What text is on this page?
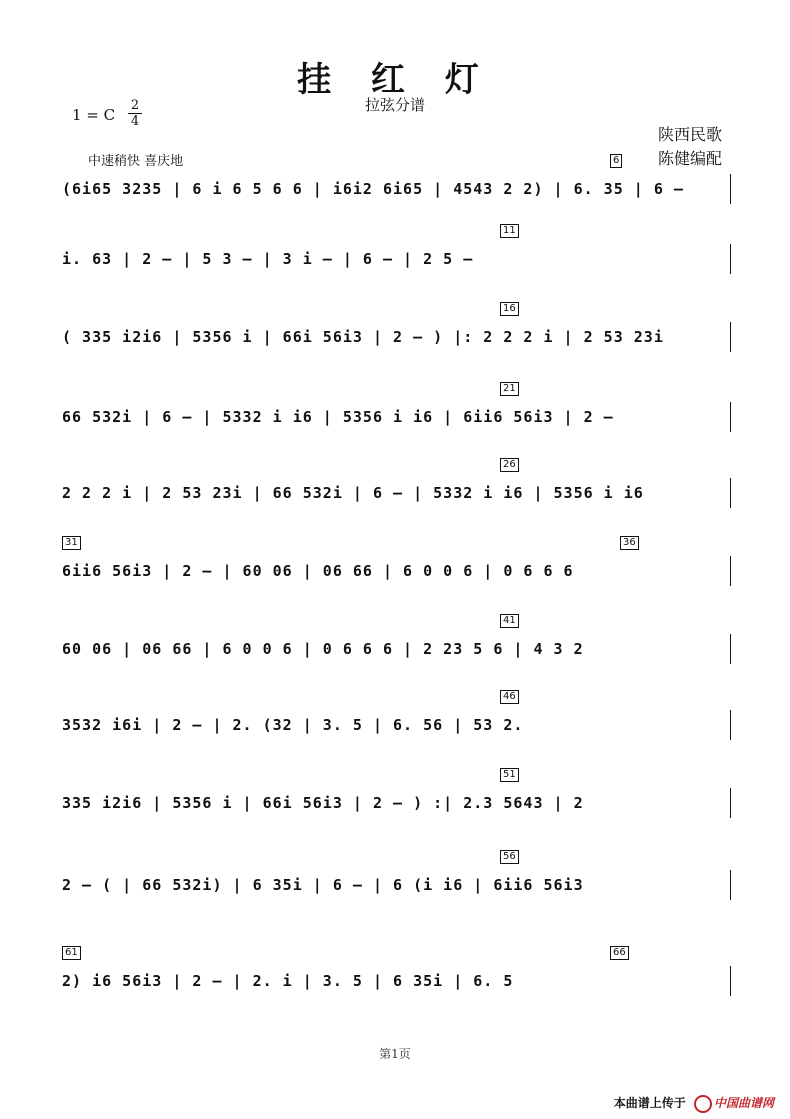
挂 红 灯
拉弦分谱
1 = C
2
4
陕西民歌
陈健编配
中速稍快 喜庆地
(6i65 3235 | 6 i 6 5 6 6 | i6i2 6i65 | 4543 2 2) | 6. 35 | 6 –
6
i. 63 | 2 – | 5 3 – | 3 i – | 6 – | 2 5 –
11
( 335 i2i6 | 5356 i | 66i 56i3 | 2 – ) |: 2 2 2 i | 2 53 23i
16
66 532i | 6 – | 5332 i i6 | 5356 i i6 | 6ii6 56i3 | 2 –
21
2 2 2 i | 2 53 23i | 66 532i | 6 – | 5332 i i6 | 5356 i i6
26
6ii6 56i3 | 2 – | 60 06 | 06 66 | 6 0 0 6 | 0 6 6 6
31	36
60 06 | 06 66 | 6 0 0 6 | 0 6 6 6 | 2 23 5 6 | 4 3 2
41
3532 i6i | 2 – | 2. (32 | 3. 5 | 6. 56 | 53 2.
46
335 i2i6 | 5356 i | 66i 56i3 | 2 – ) :| 2.3 5643 | 2
51
2 – ( | 66 532i) | 6 35i | 6 – | 6 (i i6 | 6ii6 56i3
56
2) i6 56i3 | 2 – | 2. i | 3. 5 | 6 35i | 6. 5
61	66
第1页
本曲谱上传于 中国曲谱网
